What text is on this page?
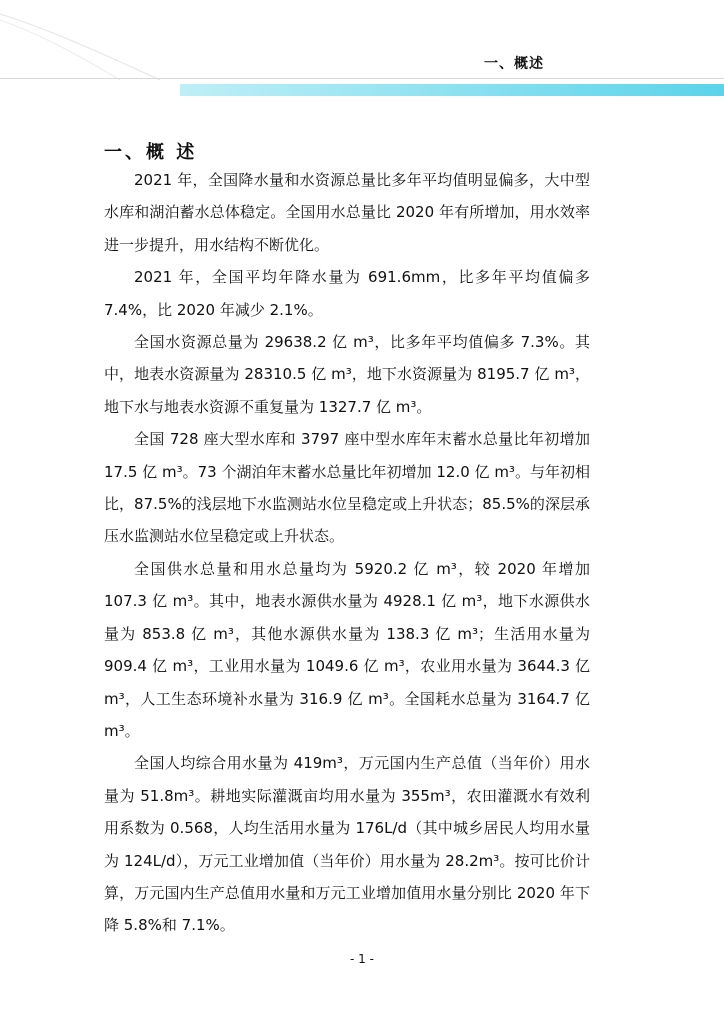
一、概述
一、概 述

2021 年，全国降水量和水资源总量比多年平均值明显偏多，大中型水库和湖泊蓄水总体稳定。全国用水总量比 2020 年有所增加，用水效率进一步提升，用水结构不断优化。

2021 年，全国平均年降水量为 691.6mm，比多年平均值偏多 7.4%，比 2020 年减少 2.1%。

全国水资源总量为 29638.2 亿 m³，比多年平均值偏多 7.3%。其中，地表水资源量为 28310.5 亿 m³，地下水资源量为 8195.7 亿 m³，地下水与地表水资源不重复量为 1327.7 亿 m³。

全国 728 座大型水库和 3797 座中型水库年末蓄水总量比年初增加 17.5 亿 m³。73 个湖泊年末蓄水总量比年初增加 12.0 亿 m³。与年初相比，87.5%的浅层地下水监测站水位呈稳定或上升状态；85.5%的深层承压水监测站水位呈稳定或上升状态。

全国供水总量和用水总量均为 5920.2 亿 m³，较 2020 年增加 107.3 亿 m³。其中，地表水源供水量为 4928.1 亿 m³，地下水源供水量为 853.8 亿 m³，其他水源供水量为 138.3 亿 m³；生活用水量为 909.4 亿 m³，工业用水量为 1049.6 亿 m³，农业用水量为 3644.3 亿 m³，人工生态环境补水量为 316.9 亿 m³。全国耗水总量为 3164.7 亿 m³。

全国人均综合用水量为 419m³，万元国内生产总值（当年价）用水量为 51.8m³。耕地实际灌溉亩均用水量为 355m³，农田灌溉水有效利用系数为 0.568，人均生活用水量为 176L/d（其中城乡居民人均用水量为 124L/d），万元工业增加值（当年价）用水量为 28.2m³。按可比价计算，万元国内生产总值用水量和万元工业增加值用水量分别比 2020 年下降 5.8%和 7.1%。

- 1 -
